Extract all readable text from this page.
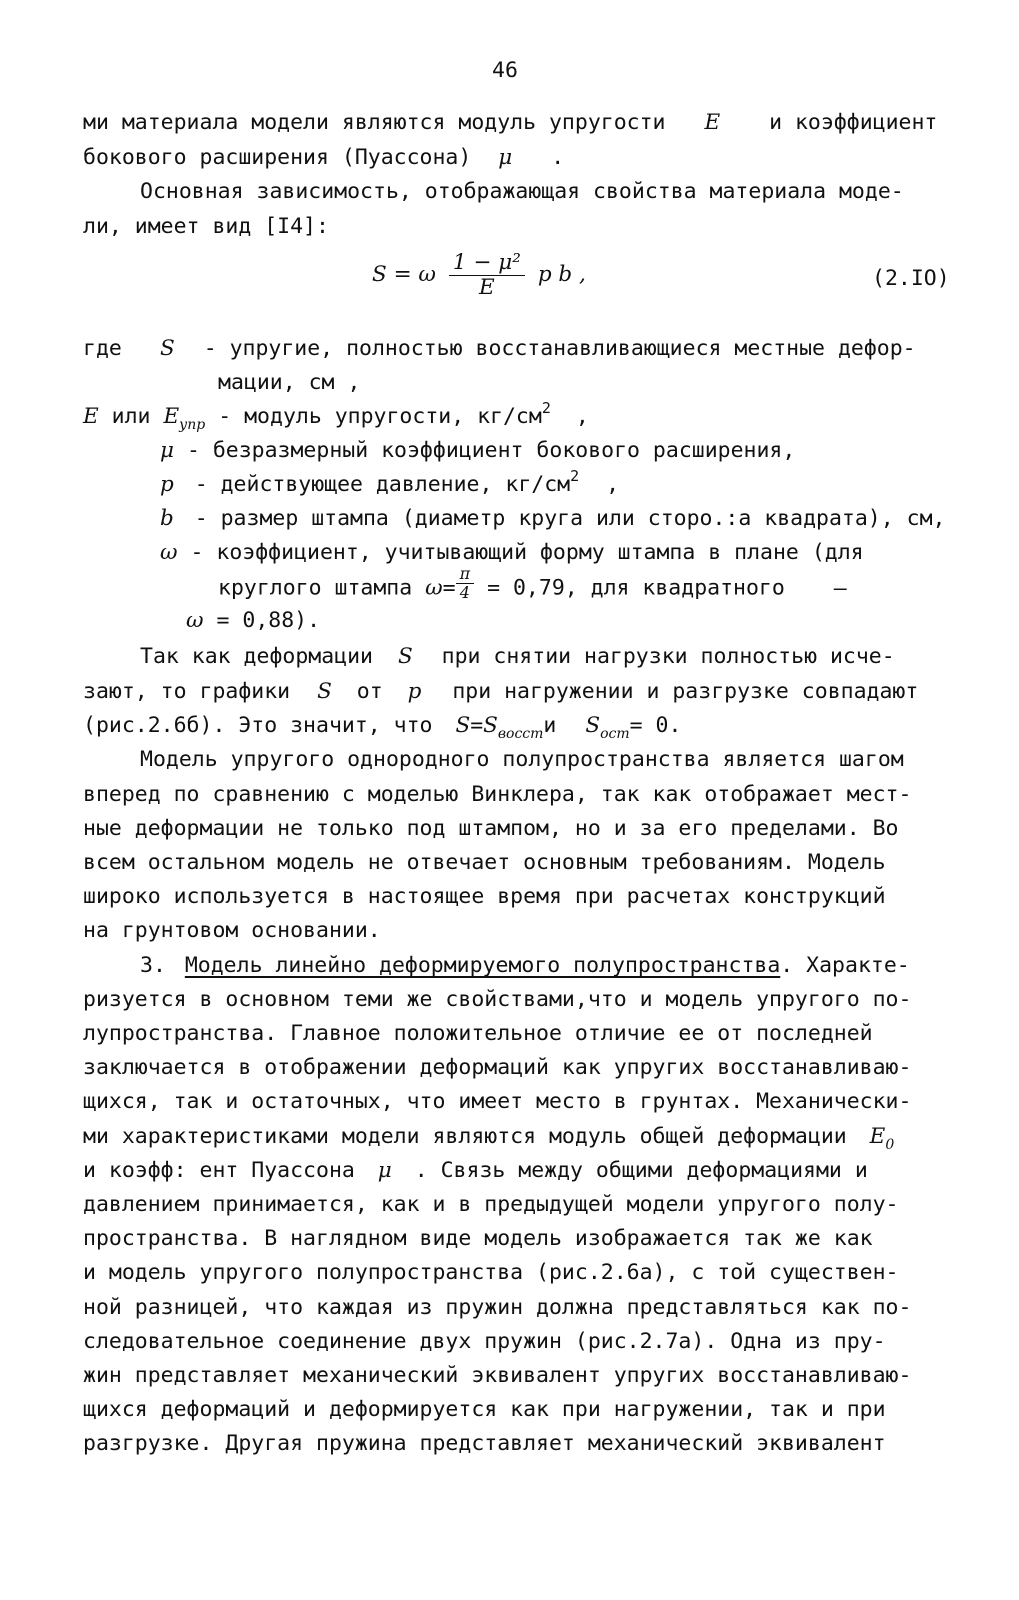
46
ми материала модели являются модуль упругости E и коэффициент
бокового расширения (Пуассона) μ .
Основная зависимость, отображающая свойства материала моде-
ли, имеет вид [I4]:
S = ω $\frac{\text{1 − μ²}}{E}$ p b ,	(2.IO)
где S - упругие, полностью восстанавливающиеся местные дефор-
мации, см ,
E или $E_{упр}$ - модуль упругости, $кг/см^2$ ,
μ - безразмерный коэффициент бокового расширения,
p - действующее давление, $кг/см^2$ ,
b - размер штампа (диаметр круга или сторо.:а квадрата), см,
ω - коэффициент, учитывающий форму штампа в плане (для
круглого штампа $\omega= \frac{\pi}{4} = 0,79$, для квадратного —
ω = 0,88).
Так как деформации S при снятии нагрузки полностью исче-
зают, то графики S от p при нагружении и разгрузке совпадают
(рис.2.6б). Это значит, что $S=S_{восст}и$ $S_{ост}= 0$.
Модель упругого однородного полупространства является шагом
вперед по сравнению с моделью Винклера, так как отображает мест-
ные деформации не только под штампом, но и за его пределами. Во
всем остальном модель не отвечает основным требованиям. Модель
широко используется в настоящее время при расчетах конструкций
на грунтовом основании.
3. Модель линейно деформируемого полупространства. Характе-
ризуется в основном теми же свойствами,что и модель упругого по-
лупространства. Главное положительное отличие ее от последней
заключается в отображении деформаций как упругих восстанавливаю-
щихся, так и остаточных, что имеет место в грунтах. Механически-
ми характеристиками модели являются модуль общей деформации $E_0$
и коэфф: ент Пуассона μ . Связь между общими деформациями и
давлением принимается, как и в предыдущей модели упругого полу-
пространства. В наглядном виде модель изображается так же как
и модель упругого полупространства (рис.2.6а), с той существен-
ной разницей, что каждая из пружин должна представляться как по-
следовательное соединение двух пружин (рис.2.7а). Одна из пру-
жин представляет механический эквивалент упругих восстанавливаю-
щихся деформаций и деформируется как при нагружении, так и при
разгрузке. Другая пружина представляет механический эквивалент
